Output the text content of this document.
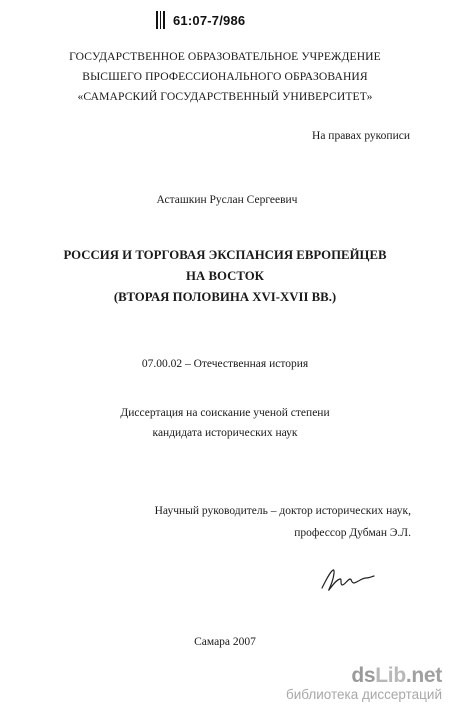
61:07-7/986
ГОСУДАРСТВЕННОЕ ОБРАЗОВАТЕЛЬНОЕ УЧРЕЖДЕНИЕ
ВЫСШЕГО ПРОФЕССИОНАЛЬНОГО ОБРАЗОВАНИЯ
«САМАРСКИЙ ГОСУДАРСТВЕННЫЙ УНИВЕРСИТЕТ»
На правах рукописи
Асташкин Руслан Сергеевич
РОССИЯ И ТОРГОВАЯ ЭКСПАНСИЯ ЕВРОПЕЙЦЕВ
НА ВОСТОК
(ВТОРАЯ ПОЛОВИНА XVI-XVII ВВ.)
07.00.02 – Отечественная история
Диссертация на соискание ученой степени
кандидата исторических наук
Научный руководитель – доктор исторических наук,
профессор Дубман Э.Л.
Самара 2007
ds Lib .net
библиотека диссертаций
